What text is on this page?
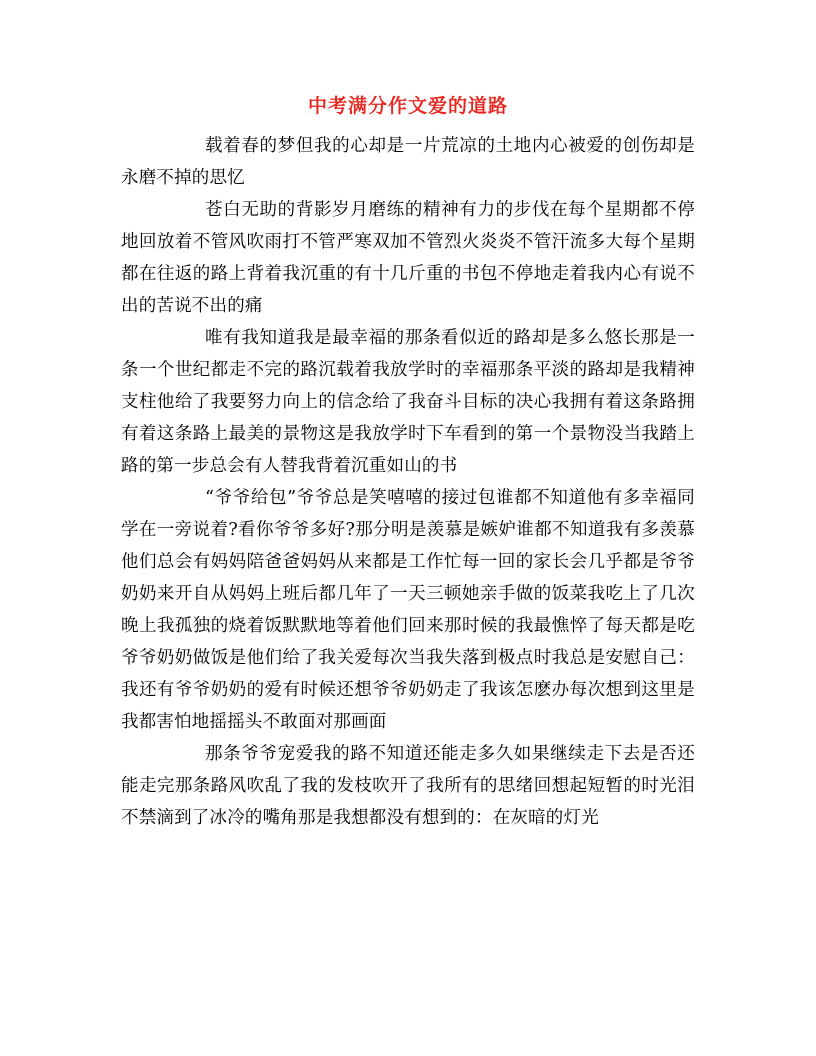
中考满分作文爱的道路

载着春的梦但我的心却是一片荒凉的土地内心被爱的创伤却是永磨不掉的思忆

苍白无助的背影岁月磨练的精神有力的步伐在每个星期都不停地回放着不管风吹雨打不管严寒双加不管烈火炎炎不管汗流多大每个星期都在往返的路上背着我沉重的有十几斤重的书包不停地走着我内心有说不出的苦说不出的痛

唯有我知道我是最幸福的那条看似近的路却是多么悠长那是一条一个世纪都走不完的路沉载着我放学时的幸福那条平淡的路却是我精神支柱他给了我要努力向上的信念给了我奋斗目标的决心我拥有着这条路拥有着这条路上最美的景物这是我放学时下车看到的第一个景物没当我踏上路的第一步总会有人替我背着沉重如山的书

“爷爷给包”爷爷总是笑嘻嘻的接过包谁都不知道他有多幸福同学在一旁说着?看你爷爷多好?那分明是羡慕是嫉妒谁都不知道我有多羡慕他们总会有妈妈陪爸爸妈妈从来都是工作忙每一回的家长会几乎都是爷爷奶奶来开自从妈妈上班后都几年了一天三顿她亲手做的饭菜我吃上了几次晚上我孤独的烧着饭默默地等着他们回来那时候的我最憔悴了每天都是吃爷爷奶奶做饭是他们给了我关爱每次当我失落到极点时我总是安慰自己：我还有爷爷奶奶的爱有时候还想爷爷奶奶走了我该怎麽办每次想到这里是我都害怕地摇摇头不敢面对那画面

那条爷爷宠爱我的路不知道还能走多久如果继续走下去是否还能走完那条路风吹乱了我的发枝吹开了我所有的思绪回想起短暂的时光泪不禁滴到了冰冷的嘴角那是我想都没有想到的：在灰暗的灯光
